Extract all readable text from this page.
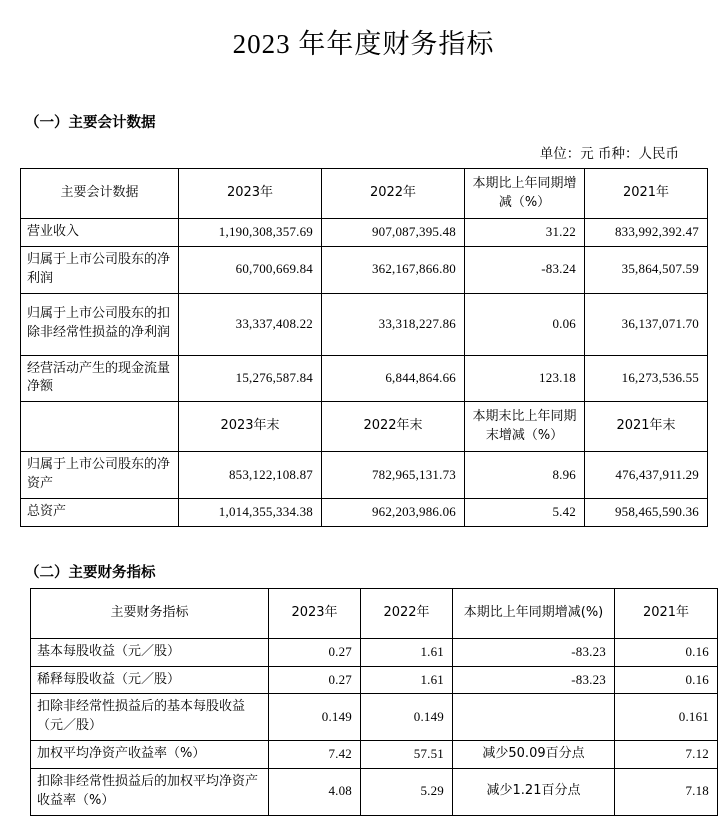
2023 年年度财务指标
（一）主要会计数据
单位：元 币种：人民币
主要会计数据	2023年	2022年	本期比上年同期增减（%）	2021年
营业收入	1,190,308,357.69	907,087,395.48	31.22	833,992,392.47
归属于上市公司股东的净利润	60,700,669.84	362,167,866.80	-83.24	35,864,507.59
归属于上市公司股东的扣除非经常性损益的净利润	33,337,408.22	33,318,227.86	0.06	36,137,071.70
经营活动产生的现金流量净额	15,276,587.84	6,844,864.66	123.18	16,273,536.55
	2023年末	2022年末	本期末比上年同期末增减（%）	2021年末
归属于上市公司股东的净资产	853,122,108.87	782,965,131.73	8.96	476,437,911.29
总资产	1,014,355,334.38	962,203,986.06	5.42	958,465,590.36
（二）主要财务指标
主要财务指标	2023年	2022年	本期比上年同期增减(%)	2021年
基本每股收益（元／股）	0.27	1.61	-83.23	0.16
稀释每股收益（元／股）	0.27	1.61	-83.23	0.16
扣除非经常性损益后的基本每股收益（元／股）	0.149	0.149		0.161
加权平均净资产收益率（%）	7.42	57.51	减少50.09百分点	7.12
扣除非经常性损益后的加权平均净资产收益率（%）	4.08	5.29	减少1.21百分点	7.18
